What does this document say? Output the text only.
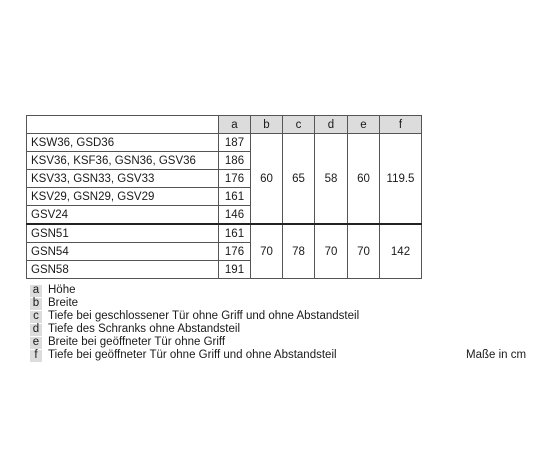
	a	b	c	d	e	f
KSW36, GSD36	187	60	65	58	60	119.5
KSV36, KSF36, GSN36, GSV36	186					
KSV33, GSN33, GSV33	176					
KSV29, GSN29, GSV29	161					
GSV24	146					
GSN51	161	70	78	70	70	142
GSN54	176					
GSN58	191					
a Höhe
b Breite
c Tiefe bei geschlossener Tür ohne Griff und ohne Abstandsteil
d Tiefe des Schranks ohne Abstandsteil
e Breite bei geöffneter Tür ohne Griff
f Tiefe bei geöffneter Tür ohne Griff und ohne Abstandsteil	Maße in cm
